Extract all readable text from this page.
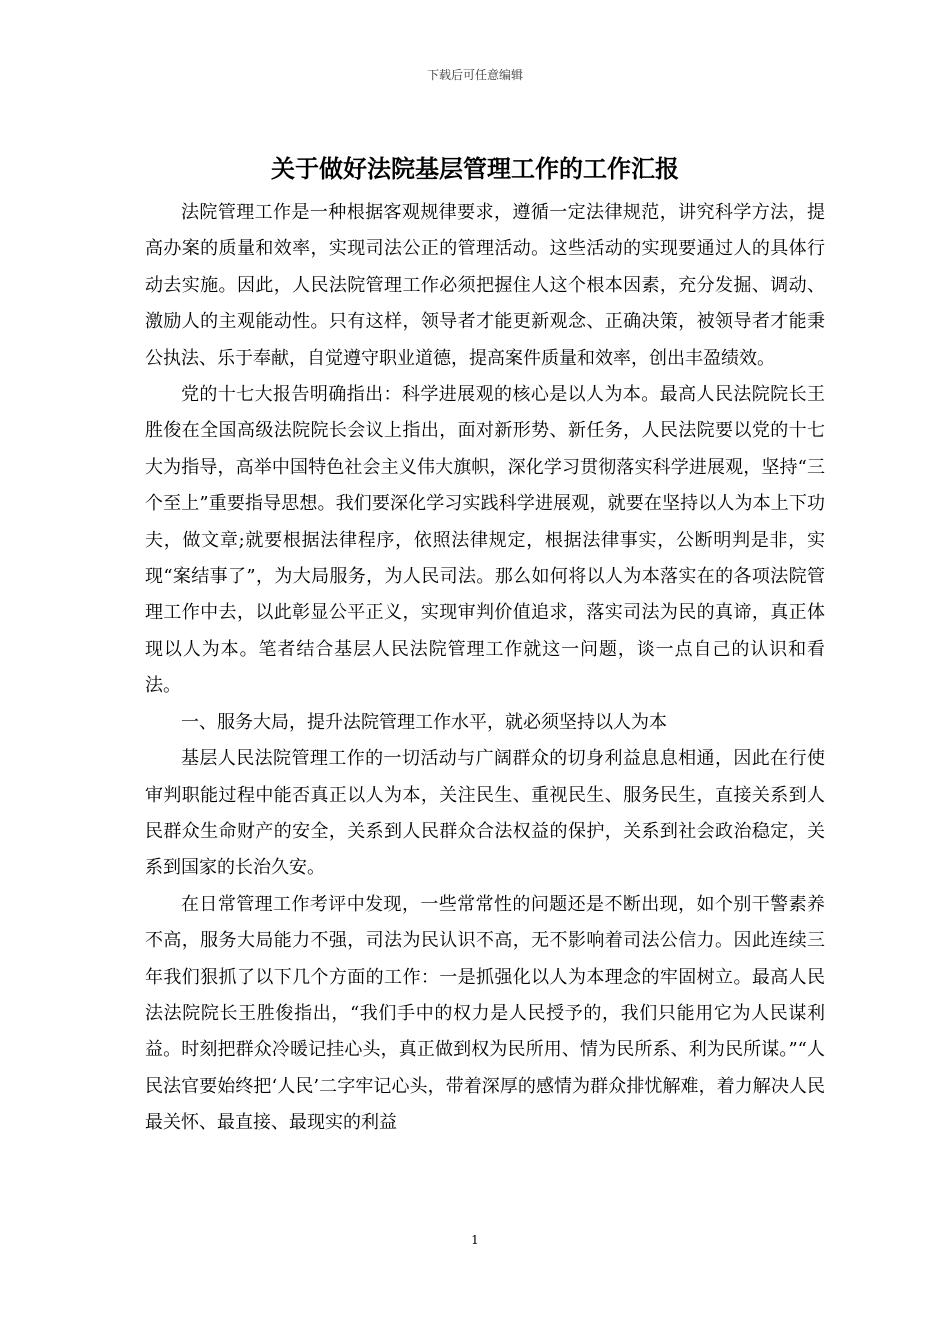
下载后可任意编辑
关于做好法院基层管理工作的工作汇报

法院管理工作是一种根据客观规律要求，遵循一定法律规范，讲究科学方法，提高办案的质量和效率，实现司法公正的管理活动。这些活动的实现要通过人的具体行动去实施。因此，人民法院管理工作必须把握住人这个根本因素，充分发掘、调动、激励人的主观能动性。只有这样，领导者才能更新观念、正确决策，被领导者才能秉公执法、乐于奉献，自觉遵守职业道德，提高案件质量和效率，创出丰盈绩效。

党的十七大报告明确指出：科学进展观的核心是以人为本。最高人民法院院长王胜俊在全国高级法院院长会议上指出，面对新形势、新任务，人民法院要以党的十七大为指导，高举中国特色社会主义伟大旗帜，深化学习贯彻落实科学进展观，坚持“三个至上”重要指导思想。我们要深化学习实践科学进展观，就要在坚持以人为本上下功夫，做文章;就要根据法律程序，依照法律规定，根据法律事实，公断明判是非，实现“案结事了”，为大局服务，为人民司法。那么如何将以人为本落实在的各项法院管理工作中去，以此彰显公平正义，实现审判价值追求，落实司法为民的真谛，真正体现以人为本。笔者结合基层人民法院管理工作就这一问题，谈一点自己的认识和看法。

一、服务大局，提升法院管理工作水平，就必须坚持以人为本

基层人民法院管理工作的一切活动与广阔群众的切身利益息息相通，因此在行使审判职能过程中能否真正以人为本，关注民生、重视民生、服务民生，直接关系到人民群众生命财产的安全，关系到人民群众合法权益的保护，关系到社会政治稳定，关系到国家的长治久安。

在日常管理工作考评中发现，一些常常性的问题还是不断出现，如个别干警素养不高，服务大局能力不强，司法为民认识不高，无不影响着司法公信力。因此连续三年我们狠抓了以下几个方面的工作：一是抓强化以人为本理念的牢固树立。最高人民法法院院长王胜俊指出，“我们手中的权力是人民授予的，我们只能用它为人民谋利益。时刻把群众冷暖记挂心头，真正做到权为民所用、情为民所系、利为民所谋。”“人民法官要始终把‘人民’二字牢记心头，带着深厚的感情为群众排忧解难，着力解决人民最关怀、最直接、最现实的利益

1
